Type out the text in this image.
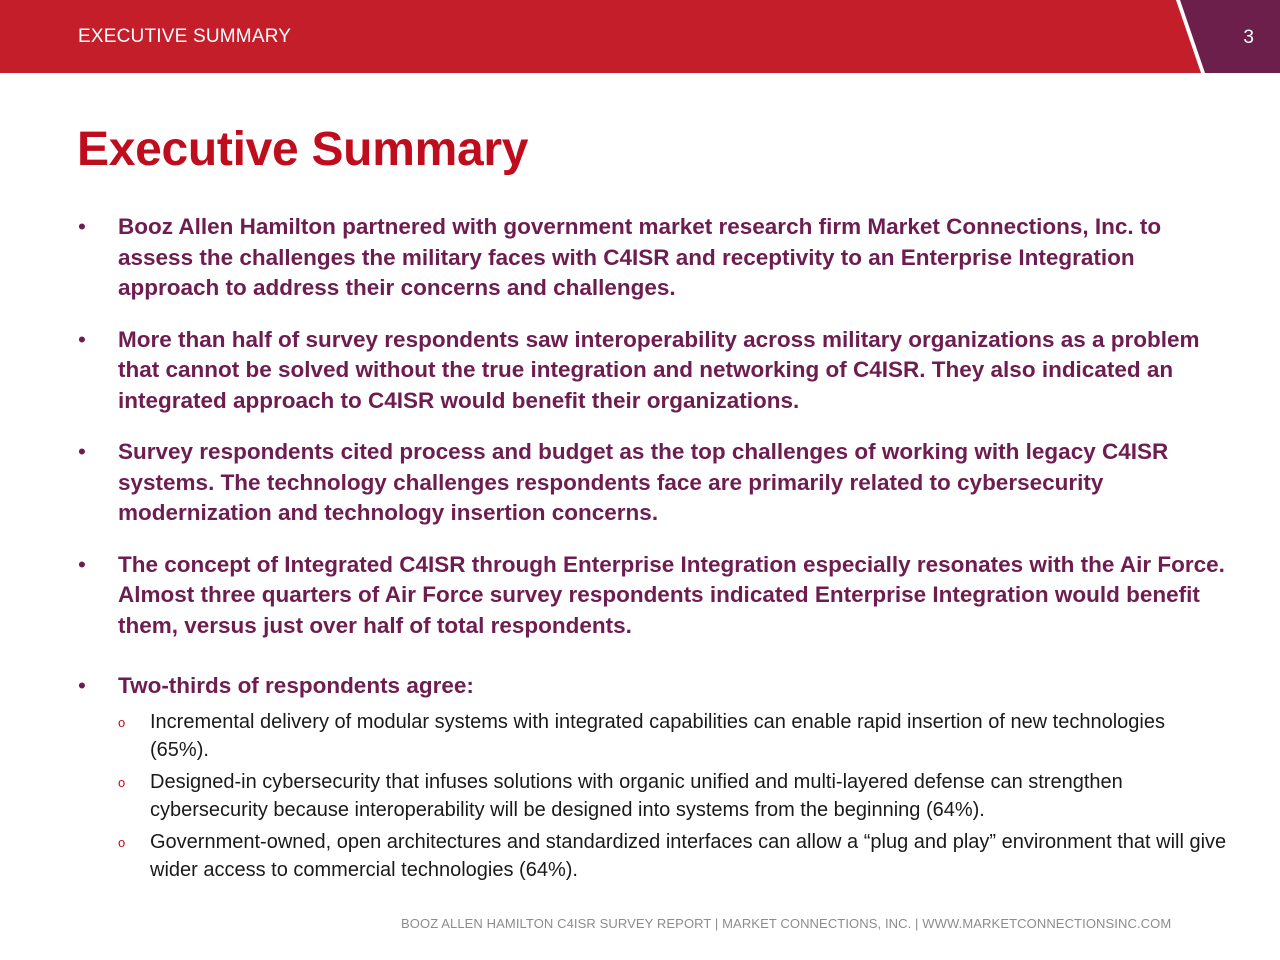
EXECUTIVE SUMMARY	3
Executive Summary
• Booz Allen Hamilton partnered with government market research firm Market Connections, Inc. to assess the challenges the military faces with C4ISR and receptivity to an Enterprise Integration approach to address their concerns and challenges.
• More than half of survey respondents saw interoperability across military organizations as a problem that cannot be solved without the true integration and networking of C4ISR. They also indicated an integrated approach to C4ISR would benefit their organizations.
• Survey respondents cited process and budget as the top challenges of working with legacy C4ISR systems. The technology challenges respondents face are primarily related to cybersecurity modernization and technology insertion concerns.
• The concept of Integrated C4ISR through Enterprise Integration especially resonates with the Air Force. Almost three quarters of Air Force survey respondents indicated Enterprise Integration would benefit them, versus just over half of total respondents.
• Two-thirds of respondents agree:
o Incremental delivery of modular systems with integrated capabilities can enable rapid insertion of new technologies (65%).
o Designed-in cybersecurity that infuses solutions with organic unified and multi-layered defense can strengthen cybersecurity because interoperability will be designed into systems from the beginning (64%).
o Government-owned, open architectures and standardized interfaces can allow a “plug and play” environment that will give wider access to commercial technologies (64%).
BOOZ ALLEN HAMILTON C4ISR SURVEY REPORT | MARKET CONNECTIONS, INC. | WWW.MARKETCONNECTIONSINC.COM
